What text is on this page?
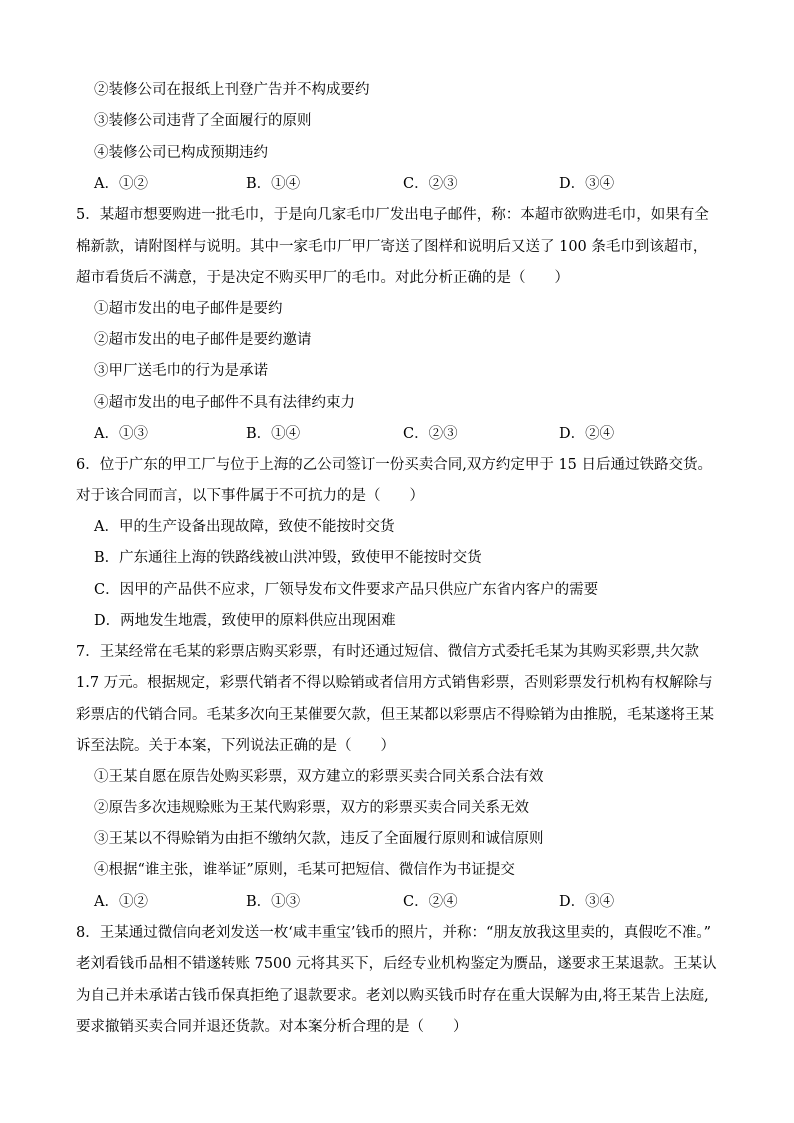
②装修公司在报纸上刊登广告并不构成要约
③装修公司违背了全面履行的原则
④装修公司已构成预期违约
A．①②	B．①④	C．②③	D．③④
5．某超市想要购进一批毛巾，于是向几家毛巾厂发出电子邮件，称：本超市欲购进毛巾，如果有全
棉新款，请附图样与说明。其中一家毛巾厂甲厂寄送了图样和说明后又送了 100 条毛巾到该超市，
超市看货后不满意，于是决定不购买甲厂的毛巾。对此分析正确的是（　　）
①超市发出的电子邮件是要约
②超市发出的电子邮件是要约邀请
③甲厂送毛巾的行为是承诺
④超市发出的电子邮件不具有法律约束力
A．①③	B．①④	C．②③	D．②④
6．位于广东的甲工厂与位于上海的乙公司签订一份买卖合同,双方约定甲于 15 日后通过铁路交货。
对于该合同而言，以下事件属于不可抗力的是（　　）
A．甲的生产设备出现故障，致使不能按时交货
B．广东通往上海的铁路线被山洪冲毁，致使甲不能按时交货
C．因甲的产品供不应求，厂领导发布文件要求产品只供应广东省内客户的需要
D．两地发生地震，致使甲的原料供应出现困难
7．王某经常在毛某的彩票店购买彩票，有时还通过短信、微信方式委托毛某为其购买彩票,共欠款
1.7 万元。根据规定，彩票代销者不得以赊销或者信用方式销售彩票，否则彩票发行机构有权解除与
彩票店的代销合同。毛某多次向王某催要欠款，但王某都以彩票店不得赊销为由推脱，毛某遂将王某
诉至法院。关于本案，下列说法正确的是（　　）
①王某自愿在原告处购买彩票，双方建立的彩票买卖合同关系合法有效
②原告多次违规赊账为王某代购彩票，双方的彩票买卖合同关系无效
③王某以不得赊销为由拒不缴纳欠款，违反了全面履行原则和诚信原则
④根据“谁主张，谁举证”原则，毛某可把短信、微信作为书证提交
A．①②	B．①③	C．②④	D．③④
8．王某通过微信向老刘发送一枚‘咸丰重宝’钱币的照片，并称：“朋友放我这里卖的，真假吃不准。”
老刘看钱币品相不错遂转账 7500 元将其买下，后经专业机构鉴定为赝品，遂要求王某退款。王某认
为自己并未承诺古钱币保真拒绝了退款要求。老刘以购买钱币时存在重大误解为由,将王某告上法庭,
要求撤销买卖合同并退还货款。对本案分析合理的是（　　）
